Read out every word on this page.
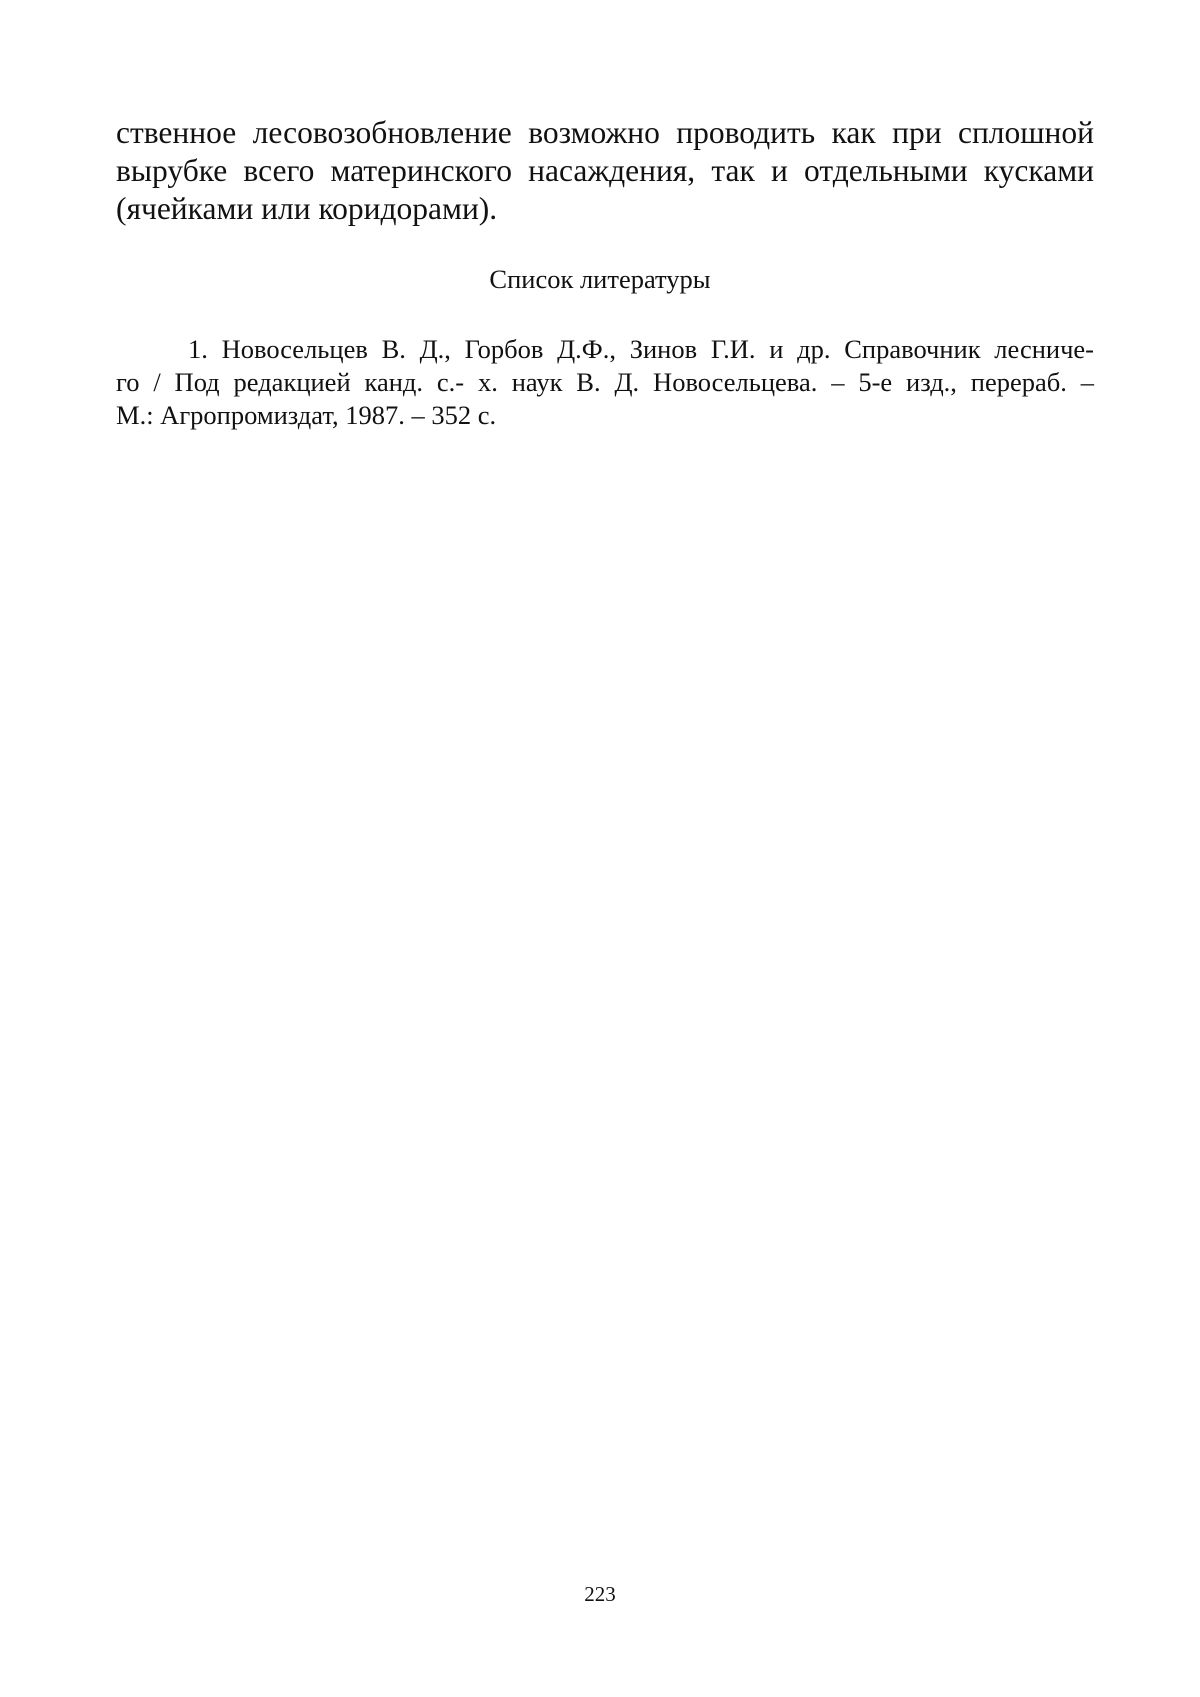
ственное лесовозобновление возможно проводить как при сплошной
вырубке всего материнского насаждения, так и отдельными кусками
(ячейками или коридорами).

Список литературы
1. Новосельцев В. Д., Горбов Д.Ф., Зинов Г.И. и др. Справочник лесниче-
го / Под редакцией канд. с.- х. наук В. Д. Новосельцева. – 5-е изд., перераб. –
М.: Агропромиздат, 1987. – 352 с.

223
